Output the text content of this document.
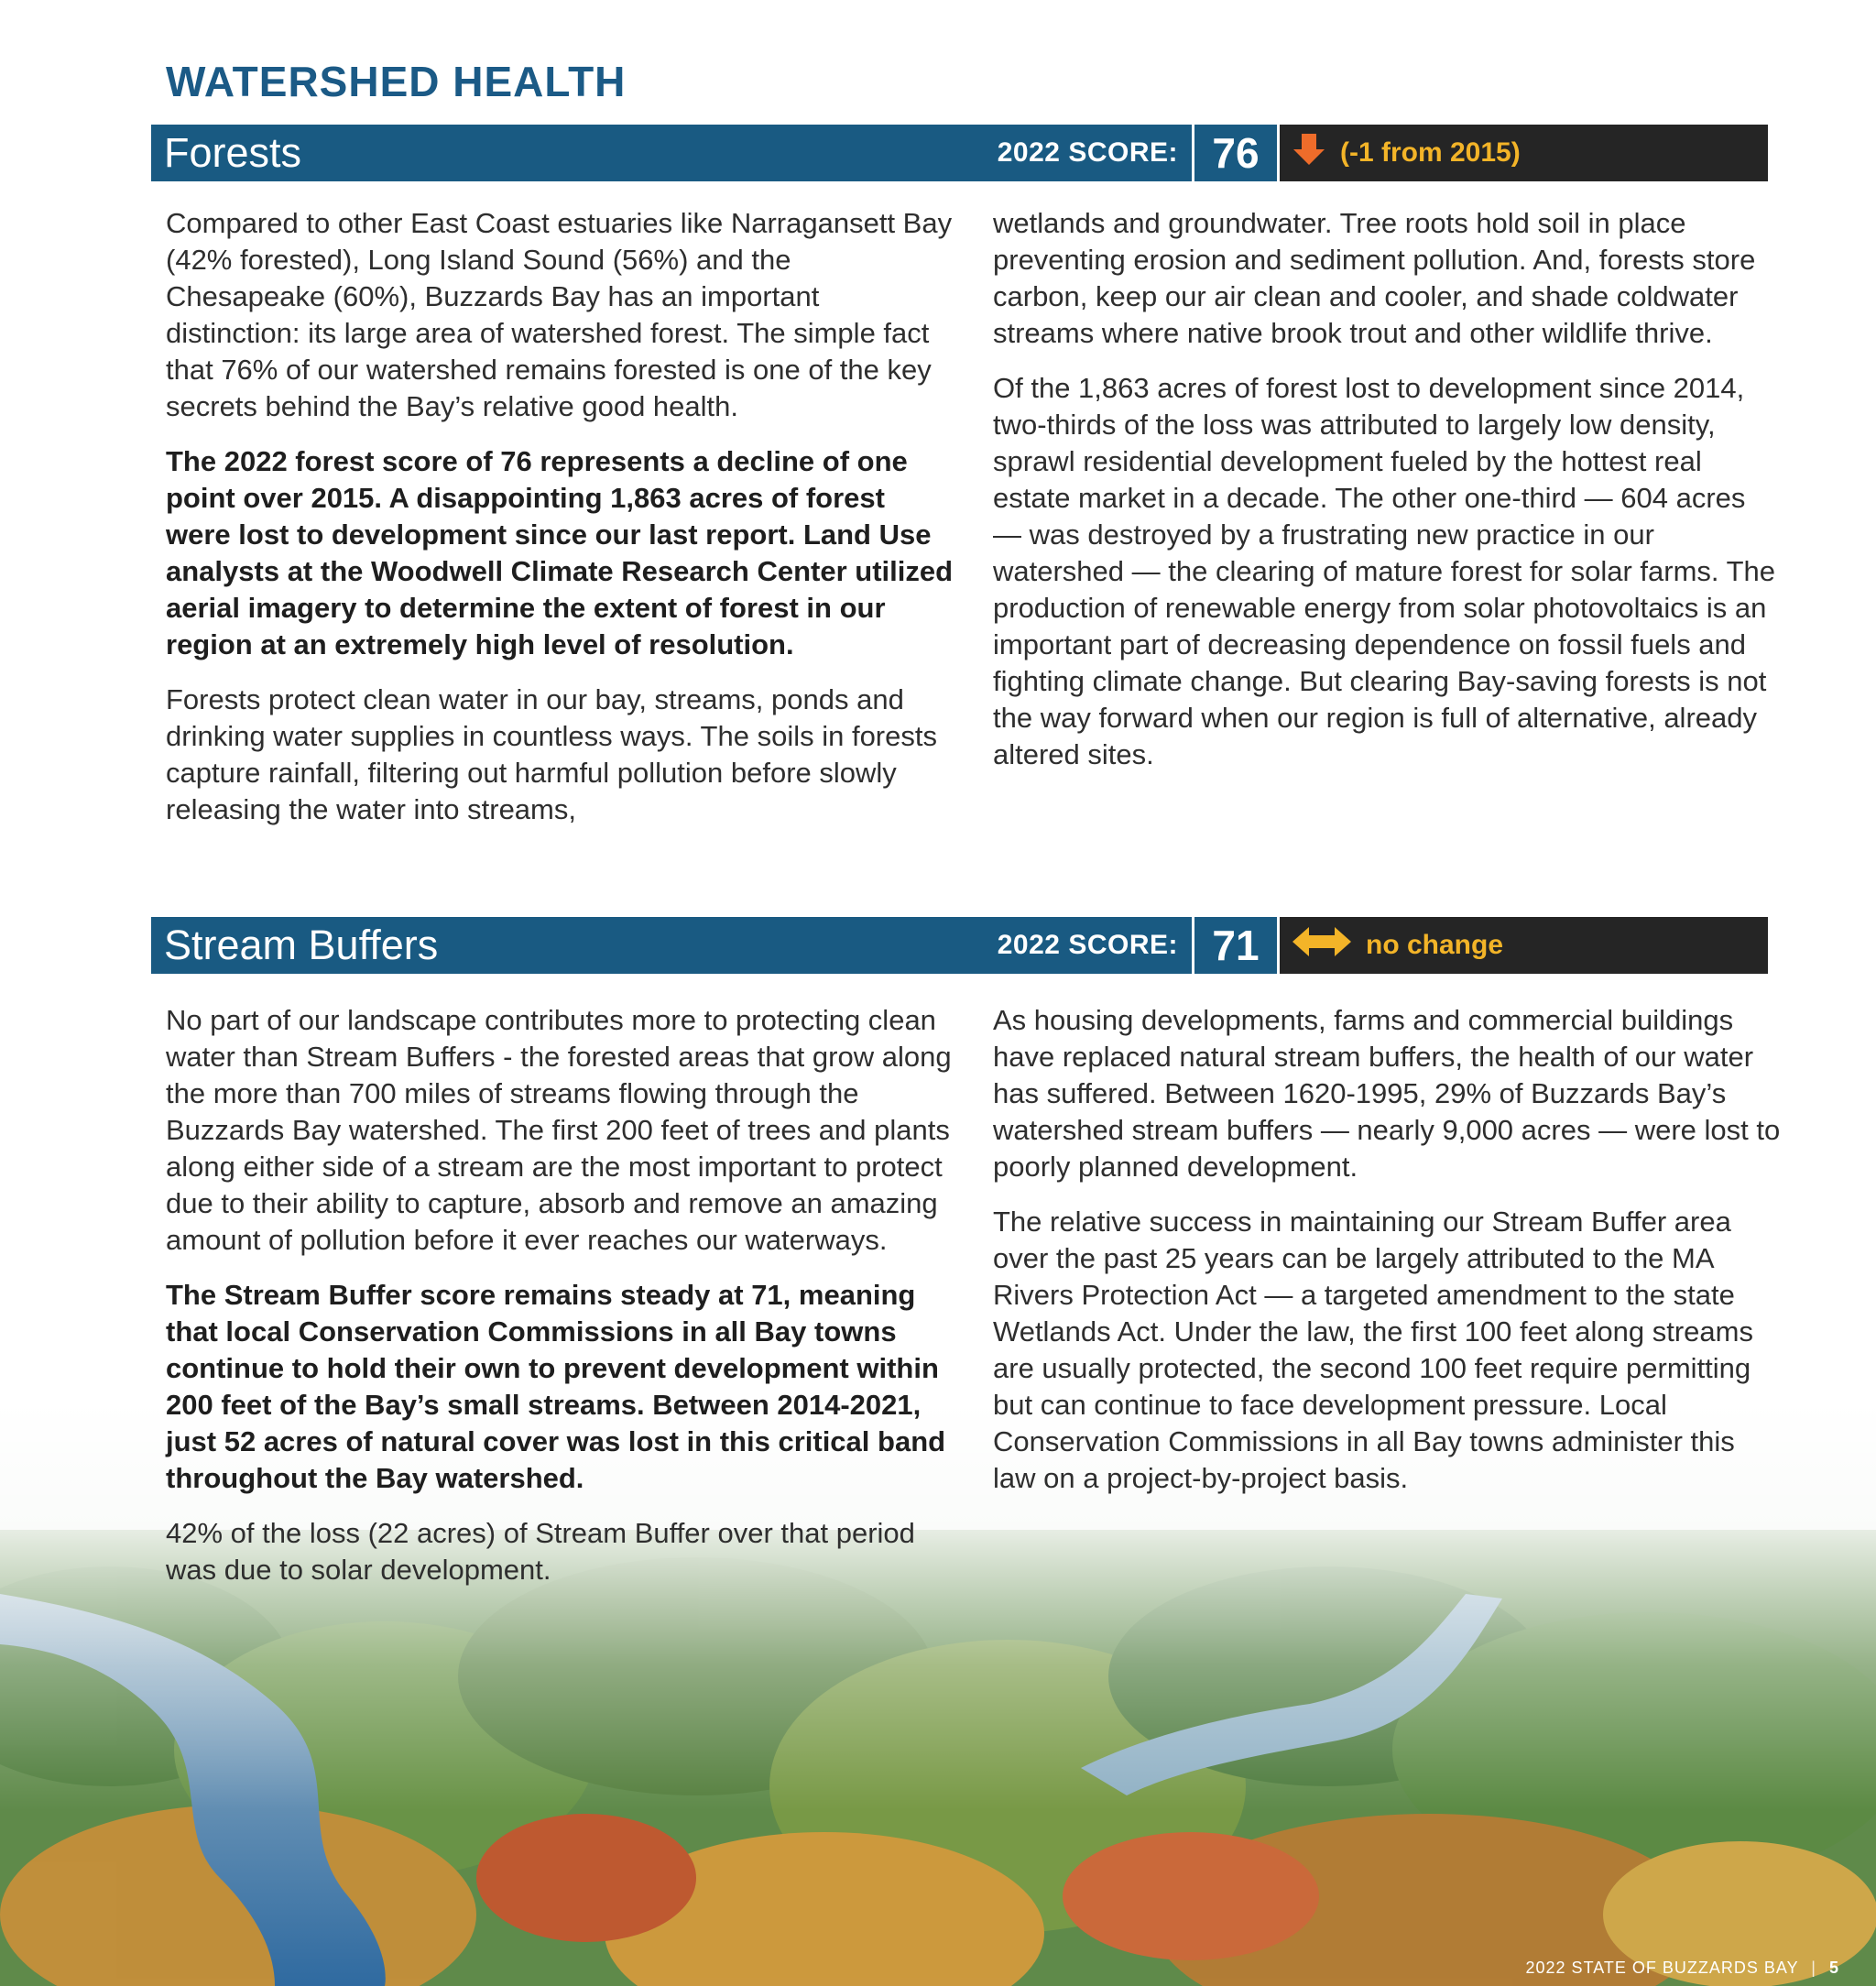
WATERSHED HEALTH
Forests	2022 SCORE: 76	(-1 from 2015)

Compared to other East Coast estuaries like Narragansett Bay (42% forested), Long Island Sound (56%) and the Chesapeake (60%), Buzzards Bay has an important distinction: its large area of watershed forest. The simple fact that 76% of our watershed remains forested is one of the key secrets behind the Bay’s relative good health.

The 2022 forest score of 76 represents a decline of one point over 2015. A disappointing 1,863 acres of forest were lost to development since our last report. Land Use analysts at the Woodwell Climate Research Center utilized aerial imagery to determine the extent of forest in our region at an extremely high level of resolution.

Forests protect clean water in our bay, streams, ponds and drinking water supplies in countless ways. The soils in forests capture rainfall, filtering out harmful pollution before slowly releasing the water into streams,

wetlands and groundwater. Tree roots hold soil in place preventing erosion and sediment pollution. And, forests store carbon, keep our air clean and cooler, and shade coldwater streams where native brook trout and other wildlife thrive.

Of the 1,863 acres of forest lost to development since 2014, two-thirds of the loss was attributed to largely low density, sprawl residential development fueled by the hottest real estate market in a decade. The other one-third — 604 acres — was destroyed by a frustrating new practice in our watershed — the clearing of mature forest for solar farms. The production of renewable energy from solar photovoltaics is an important part of decreasing dependence on fossil fuels and fighting climate change. But clearing Bay-saving forests is not the way forward when our region is full of alternative, already altered sites.

Stream Buffers	2022 SCORE: 71	no change

No part of our landscape contributes more to protecting clean water than Stream Buffers - the forested areas that grow along the more than 700 miles of streams flowing through the Buzzards Bay watershed. The first 200 feet of trees and plants along either side of a stream are the most important to protect due to their ability to capture, absorb and remove an amazing amount of pollution before it ever reaches our waterways.

The Stream Buffer score remains steady at 71, meaning that local Conservation Commissions in all Bay towns continue to hold their own to prevent development within 200 feet of the Bay’s small streams. Between 2014-2021, just 52 acres of natural cover was lost in this critical band throughout the Bay watershed.

42% of the loss (22 acres) of Stream Buffer over that period was due to solar development.

As housing developments, farms and commercial buildings have replaced natural stream buffers, the health of our water has suffered. Between 1620-1995, 29% of Buzzards Bay’s watershed stream buffers — nearly 9,000 acres — were lost to poorly planned development.

The relative success in maintaining our Stream Buffer area over the past 25 years can be largely attributed to the MA Rivers Protection Act — a targeted amendment to the state Wetlands Act. Under the law, the first 100 feet along streams are usually protected, the second 100 feet require permitting but can continue to face development pressure. Local Conservation Commissions in all Bay towns administer this law on a project-by-project basis.

2022 STATE OF BUZZARDS BAY | 5
